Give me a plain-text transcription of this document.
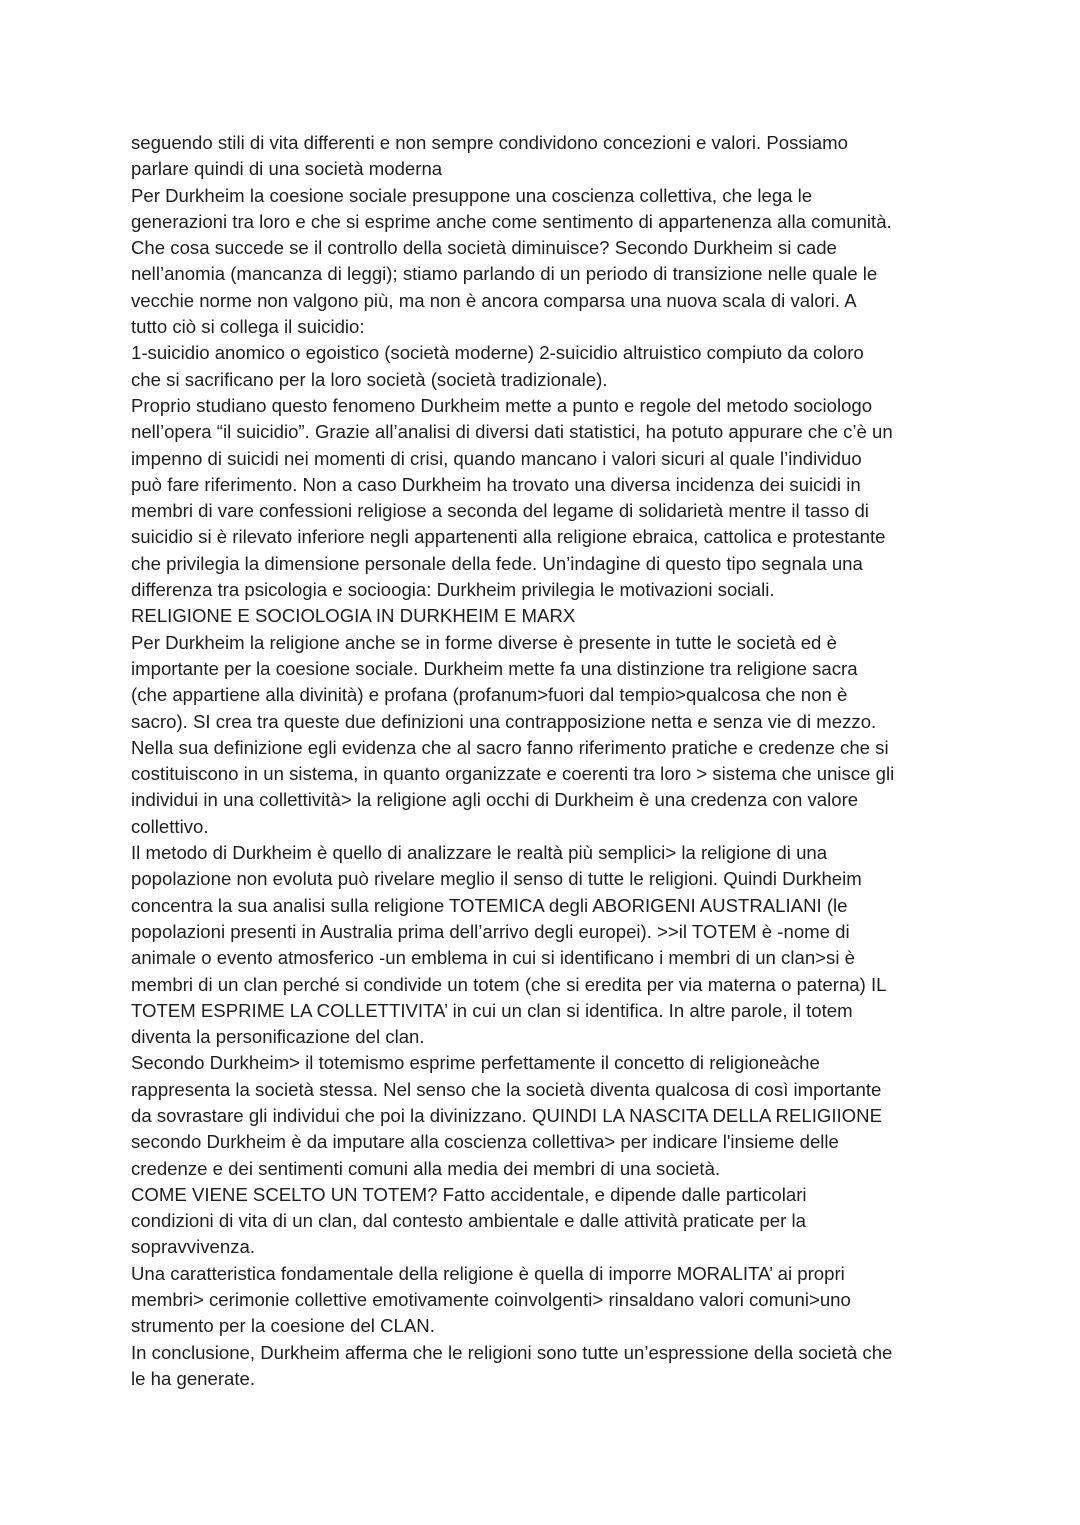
seguendo stili di vita differenti e non sempre condividono concezioni e valori. Possiamo
parlare quindi di una società moderna
Per Durkheim la coesione sociale presuppone una coscienza collettiva, che lega le
generazioni tra loro e che si esprime anche come sentimento di appartenenza alla comunità.
Che cosa succede se il controllo della società diminuisce? Secondo Durkheim si cade
nell’anomia (mancanza di leggi); stiamo parlando di un periodo di transizione nelle quale le
vecchie norme non valgono più, ma non è ancora comparsa una nuova scala di valori. A
tutto ciò si collega il suicidio:
1-suicidio anomico o egoistico (società moderne) 2-suicidio altruistico compiuto da coloro
che si sacrificano per la loro società (società tradizionale).
Proprio studiano questo fenomeno Durkheim mette a punto e regole del metodo sociologo
nell’opera “il suicidio”. Grazie all’analisi di diversi dati statistici, ha potuto appurare che c’è un
impenno di suicidi nei momenti di crisi, quando mancano i valori sicuri al quale l’individuo
può fare riferimento. Non a caso Durkheim ha trovato una diversa incidenza dei suicidi in
membri di vare confessioni religiose a seconda del legame di solidarietà mentre il tasso di
suicidio si è rilevato inferiore negli appartenenti alla religione ebraica, cattolica e protestante
che privilegia la dimensione personale della fede. Un’indagine di questo tipo segnala una
differenza tra psicologia e socioogia: Durkheim privilegia le motivazioni sociali.
RELIGIONE E SOCIOLOGIA IN DURKHEIM E MARX
Per Durkheim la religione anche se in forme diverse è presente in tutte le società ed è
importante per la coesione sociale. Durkheim mette fa una distinzione tra religione sacra
(che appartiene alla divinità) e profana (profanum>fuori dal tempio>qualcosa che non è
sacro). SI crea tra queste due definizioni una contrapposizione netta e senza vie di mezzo.
Nella sua definizione egli evidenza che al sacro fanno riferimento pratiche e credenze che si
costituiscono in un sistema, in quanto organizzate e coerenti tra loro > sistema che unisce gli
individui in una collettività> la religione agli occhi di Durkheim è una credenza con valore
collettivo.
Il metodo di Durkheim è quello di analizzare le realtà più semplici> la religione di una
popolazione non evoluta può rivelare meglio il senso di tutte le religioni. Quindi Durkheim
concentra la sua analisi sulla religione TOTEMICA degli ABORIGENI AUSTRALIANI (le
popolazioni presenti in Australia prima dell’arrivo degli europei). >>il TOTEM è -nome di
animale o evento atmosferico -un emblema in cui si identificano i membri di un clan>si è
membri di un clan perché si condivide un totem (che si eredita per via materna o paterna) IL
TOTEM ESPRIME LA COLLETTIVITA’ in cui un clan si identifica. In altre parole, il totem
diventa la personificazione del clan.
Secondo Durkheim> il totemismo esprime perfettamente il concetto di religioneàche
rappresenta la società stessa. Nel senso che la società diventa qualcosa di così importante
da sovrastare gli individui che poi la divinizzano. QUINDI LA NASCITA DELLA RELIGIIONE
secondo Durkheim è da imputare alla coscienza collettiva> per indicare l'insieme delle
credenze e dei sentimenti comuni alla media dei membri di una società.
COME VIENE SCELTO UN TOTEM? Fatto accidentale, e dipende dalle particolari
condizioni di vita di un clan, dal contesto ambientale e dalle attività praticate per la
sopravvivenza.
Una caratteristica fondamentale della religione è quella di imporre MORALITA’ ai propri
membri> cerimonie collettive emotivamente coinvolgenti> rinsaldano valori comuni>uno
strumento per la coesione del CLAN.
In conclusione, Durkheim afferma che le religioni sono tutte un’espressione della società che
le ha generate.
